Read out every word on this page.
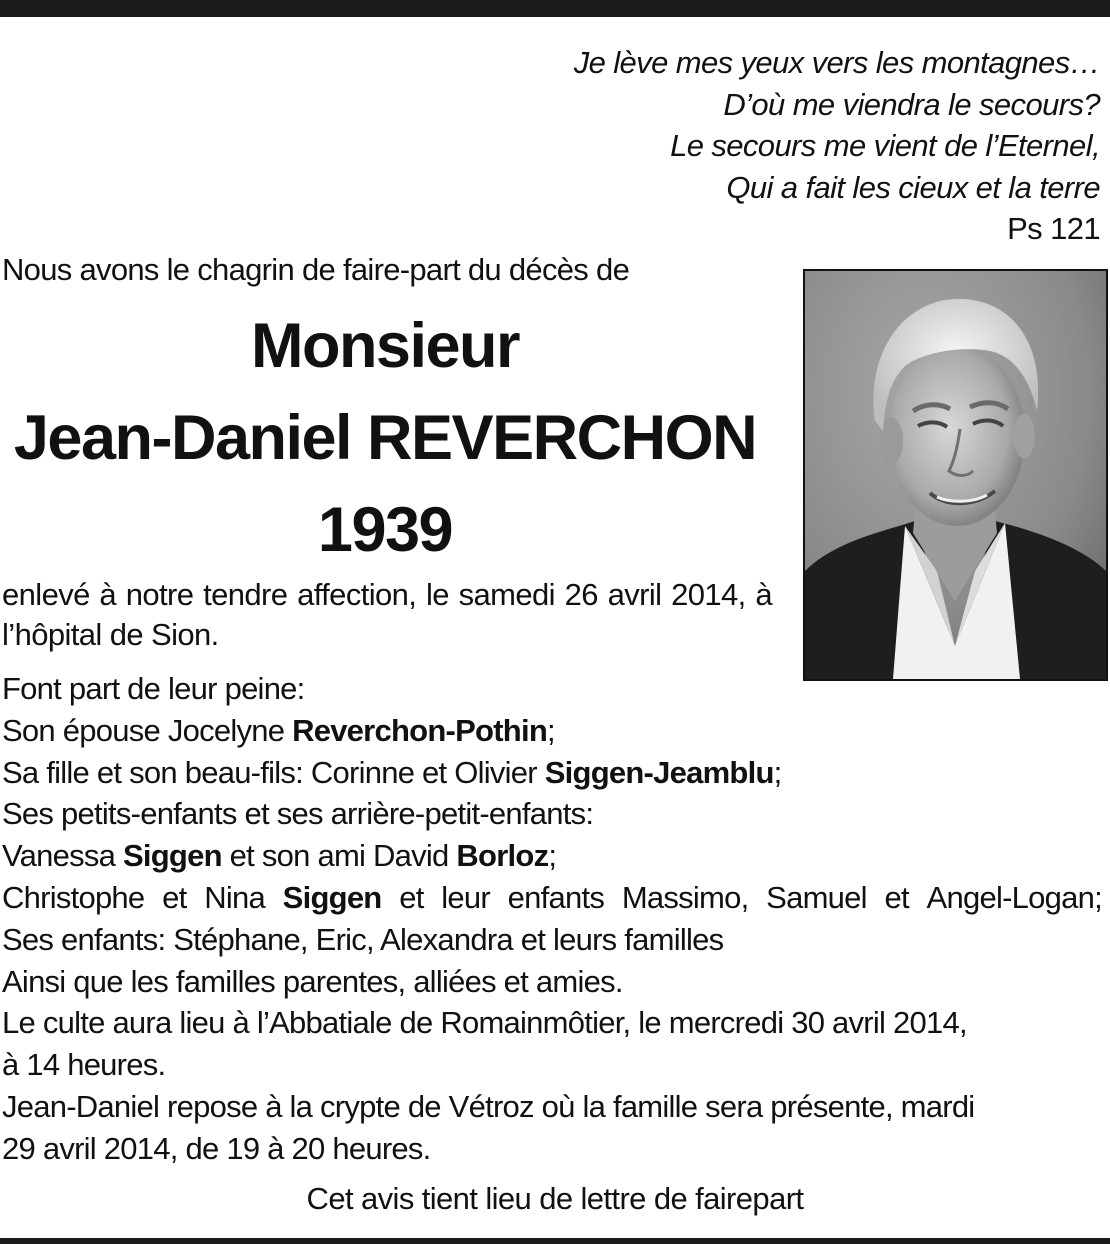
Je lève mes yeux vers les montagnes…
D’où me viendra le secours?
Le secours me vient de l’Eternel,
Qui a fait les cieux et la terre
Ps 121
Nous avons le chagrin de faire-part du décès de
Monsieur
Jean-Daniel REVERCHON
1939
enlevé à notre tendre affection, le samedi 26 avril 2014, à l’hôpital de Sion.
Font part de leur peine:
Son épouse Jocelyne Reverchon-Pothin;
Sa fille et son beau-fils: Corinne et Olivier Siggen-Jeamblu;
Ses petits-enfants et ses arrière-petit-enfants:
Vanessa Siggen et son ami David Borloz;
Christophe et Nina Siggen et leur enfants Massimo, Samuel et Angel-Logan;
Ses enfants: Stéphane, Eric, Alexandra et leurs familles
Ainsi que les familles parentes, alliées et amies.
Le culte aura lieu à l’Abbatiale de Romainmôtier, le mercredi 30 avril 2014,
à 14 heures.
Jean-Daniel repose à la crypte de Vétroz où la famille sera présente, mardi
29 avril 2014, de 19 à 20 heures.
Cet avis tient lieu de lettre de fairepart
